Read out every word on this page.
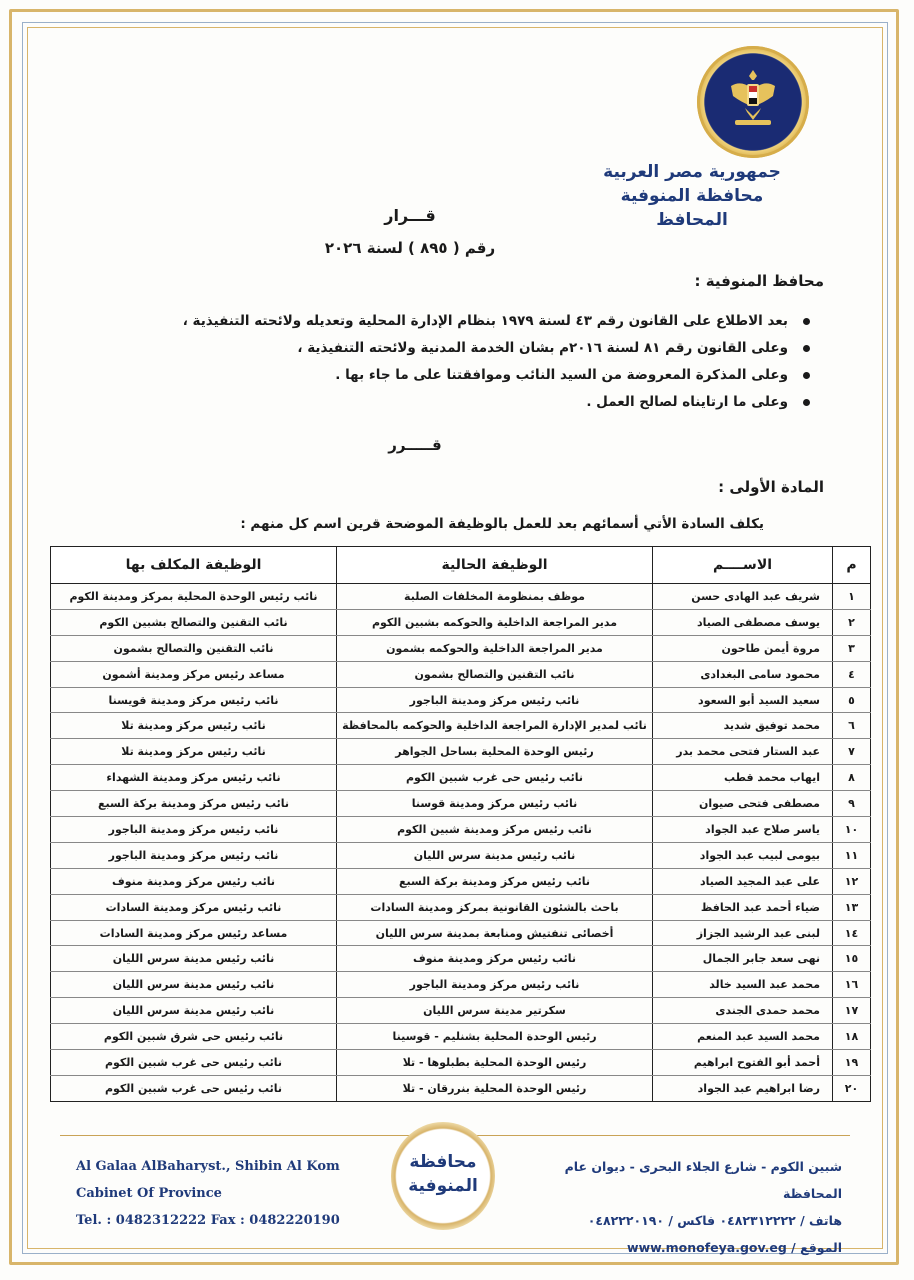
جمهورية مصر العربية
محافظة المنوفية
المحافظ
قـــرار
رقم ( ٨٩٥ ) لسنة ٢٠٢٦
محافظ المنوفية :
بعد الاطلاع على القانون رقم ٤٣ لسنة ١٩٧٩ بنظام الإدارة المحلية وتعديله ولائحته التنفيذية ،
وعلى القانون رقم ٨١ لسنة ٢٠١٦م بشان الخدمة المدنية ولائحته التنفيذية ،
وعلى المذكرة المعروضة من السيد النائب وموافقتنا على ما جاء بها .
وعلى ما ارتايناه لصالح العمل .
قـــــرر
المادة الأولى :
يكلف السادة الأتي أسمائهم بعد للعمل بالوظيفة الموضحة قرين اسم كل منهم :
م	الاســــم	الوظيفة الحالية	الوظيفة المكلف بها
١	شريف عبد الهادى حسن	موظف بمنظومة المخلفات الصلبة	نائب رئيس الوحدة المحلية بمركز ومدينة الكوم
٢	يوسف مصطفى الصياد	مدير المراجعة الداخلية والحوكمه بشبين الكوم	نائب التقنين والتصالح بشبين الكوم
٣	مروة أيمن طاحون	مدير المراجعة الداخلية والحوكمه بشمون	نائب التقنين والتصالح بشمون
٤	محمود سامى البغدادى	نائب التقنين والتصالح بشمون	مساعد رئيس مركز ومدينة أشمون
٥	سعيد السيد أبو السعود	نائب رئيس مركز ومدينة الباجور	نائب رئيس مركز ومدينة قويسنا
٦	محمد توفيق شديد	نائب لمدير الإدارة المراجعة الداخلية والحوكمه بالمحافظة	نائب رئيس مركز ومدينة تلا
٧	عبد الستار فتحى محمد بدر	رئيس الوحدة المحلية بساحل الجواهر	نائب رئيس مركز ومدينة تلا
٨	ايهاب محمد قطب	نائب رئيس حى غرب شبين الكوم	نائب رئيس مركز ومدينة الشهداء
٩	مصطفى فتحى صيوان	نائب رئيس مركز ومدينة قوسنا	نائب رئيس مركز ومدينة بركة السبع
١٠	ياسر صلاح عبد الجواد	نائب رئيس مركز ومدينة شبين الكوم	نائب رئيس مركز ومدينة الباجور
١١	بيومى لبيب عبد الجواد	نائب رئيس مدينة سرس الليان	نائب رئيس مركز ومدينة الباجور
١٢	على عبد المجيد الصياد	نائب رئيس مركز ومدينة بركة السبع	نائب رئيس مركز ومدينة منوف
١٣	ضياء أحمد عبد الحافظ	باحث بالشئون القانونية بمركز ومدينة السادات	نائب رئيس مركز ومدينة السادات
١٤	لبنى عبد الرشيد الجزاز	أخصائى تنفتيش ومنابعة بمدينة سرس الليان	مساعد رئيس مركز ومدينة السادات
١٥	نهى سعد جابر الجمال	نائب رئيس مركز ومدينة منوف	نائب رئيس مدينة سرس الليان
١٦	محمد عبد السيد خالد	نائب رئيس مركز ومدينة الباجور	نائب رئيس مدينة سرس الليان
١٧	محمد حمدى الجندى	سكرتير مدينة سرس الليان	نائب رئيس مدينة سرس الليان
١٨	محمد السيد عبد المنعم	رئيس الوحدة المحلية بشنليم - قوسينا	نائب رئيس حى شرق شبين الكوم
١٩	أحمد أبو الفتوح ابراهيم	رئيس الوحدة المحلية بطبلوها - تلا	نائب رئيس حى غرب شبين الكوم
٢٠	رضا ابراهيم عبد الجواد	رئيس الوحدة المحلية بنررقان - تلا	نائب رئيس حى غرب شبين الكوم
Al Galaa AlBaharyst., Shibin Al Kom
Cabinet Of Province
Tel. : 0482312222 Fax : 0482220190
محافظة
المنوفية
شبين الكوم - شارع الجلاء البحرى - ديوان عام المحافظة
هاتف / ٠٤٨٢٣١٢٢٢٢ فاكس / ٠٤٨٢٢٢٠١٩٠
الموقع / www.monofeya.gov.eg
